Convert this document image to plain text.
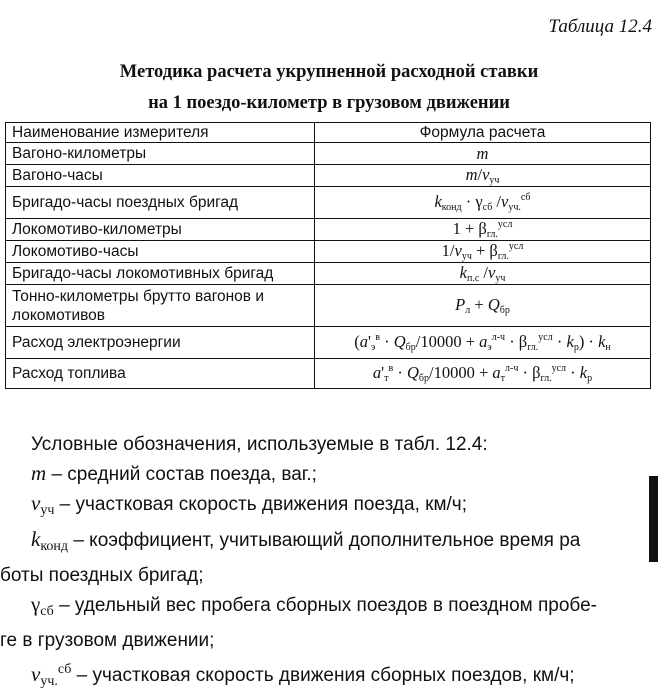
Таблица 12.4
Методика расчета укрупненной расходной ставки
на 1 поездо-километр в грузовом движении
Наименование измерителя	Формула расчета
Вагоно-километры	m
Вагоно-часы	$m/v_{уч}$
Бригадо-часы поездных бригад	$k_{конд} \cdot \gamma_{сб}$ $/v_{уч.}^{сб}$
Локомотиво-километры	$1 + \beta_{гл.}^{усл}$
Локомотиво-часы	$1/v_{уч} + \beta_{гл.}^{усл}$
Бригадо-часы локомотивных бригад	$k_{п.с}$ $/v_{уч}$
Тонно-километры брутто вагонов и локомотивов	$P_л + Q_{бр}$
Расход электроэнергии	$(a'_э^в \cdot Q_{бр}/10000 + a_э^{л-ч} \cdot \beta_{гл.}^{усл} \cdot k_р) \cdot k_н$
Расход топлива	$a'_т^в \cdot Q_{бр}/10000 + a_т^{л-ч} \cdot \beta_{гл.}^{усл} \cdot k_р$
Условные обозначения, используемые в табл. 12.4:
m – средний состав поезда, ваг.;
$v_{уч}$ – участковая скорость движения поезда, км/ч;
$k_{конд}$ – коэффициент, учитывающий дополнительное время ра
боты поездных бригад;
$\gamma_{сб}$ – удельный вес пробега сборных поездов в поездном пробе-
ге в грузовом движении;
$v_{уч.}^{сб}$ – участковая скорость движения сборных поездов, км/ч;
